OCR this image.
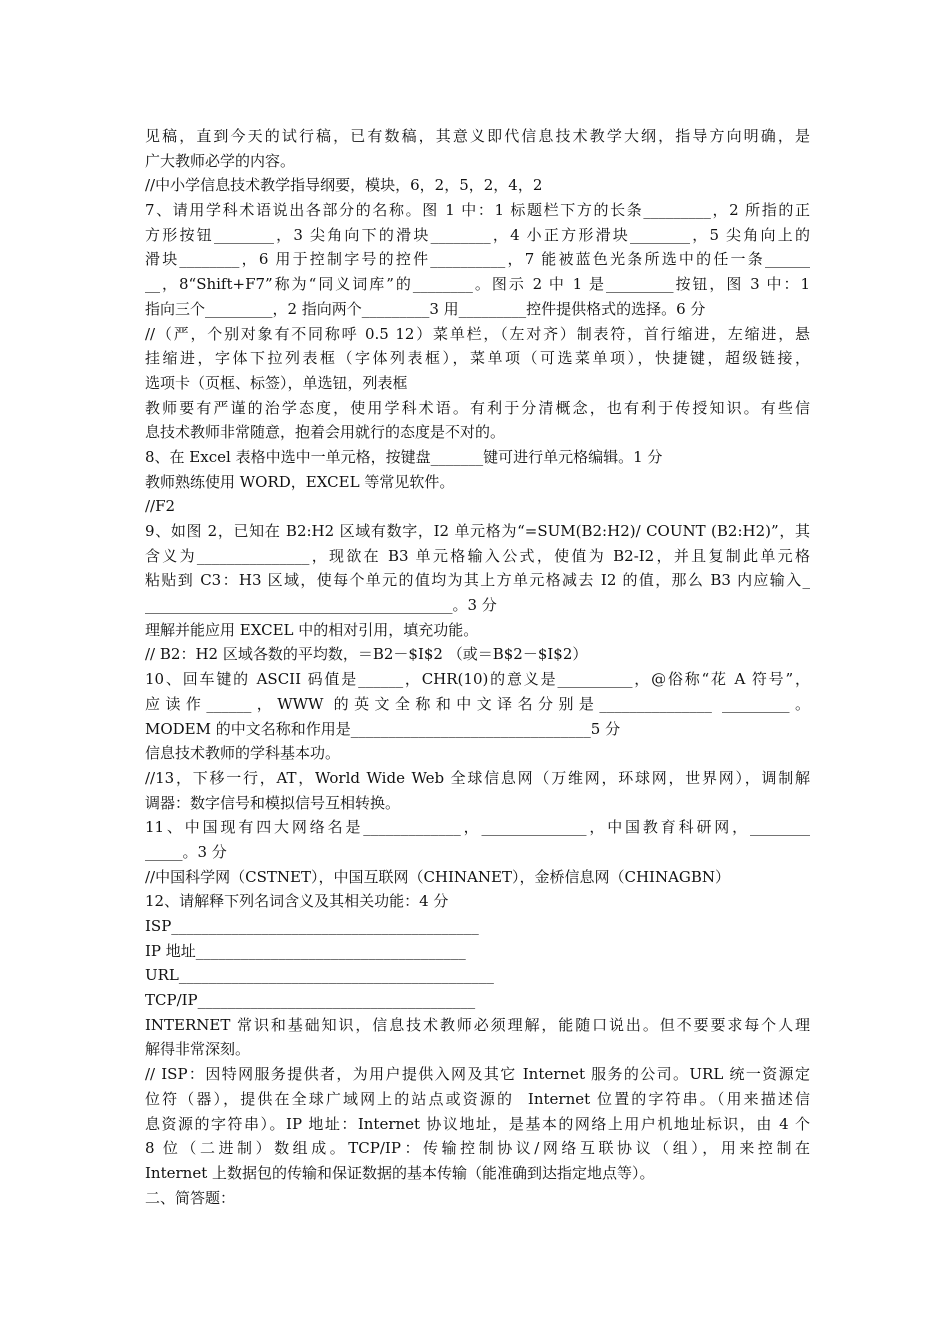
见稿，直到今天的试行稿，已有数稿，其意义即代信息技术教学大纲，指导方向明确，是
广大教师必学的内容。
//中小学信息技术教学指导纲要，模块，6，2，5，2，4，2
7、请用学科术语说出各部分的名称。图 1 中：1 标题栏下方的长条_________，2 所指的正
方形按钮________，3 尖角向下的滑块________，4 小正方形滑块________，5 尖角向上的
滑块________，6 用于控制字号的控件__________，7 能被蓝色光条所选中的任一条______
__，8“Shift+F7”称为“同义词库”的________。图示 2 中 1 是_________按钮，图 3 中：1
指向三个_________，2 指向两个_________3 用_________控件提供格式的选择。6 分
//（严，个别对象有不同称呼 0.5 12）菜单栏，（左对齐）制表符，首行缩进，左缩进，悬
挂缩进，字体下拉列表框（字体列表框），菜单项（可选菜单项），快捷键，超级链接，
选项卡（页框、标签），单选钮，列表框
教师要有严谨的治学态度，使用学科术语。有利于分清概念，也有利于传授知识。有些信
息技术教师非常随意，抱着会用就行的态度是不对的。
8、在 Excel 表格中选中一单元格，按键盘_______键可进行单元格编辑。1 分
教师熟练使用 WORD，EXCEL 等常见软件。
//F2
9、如图 2，已知在 B2:H2 区域有数字，I2 单元格为“=SUM(B2:H2)/ COUNT (B2:H2)”，其
含义为_______________，现欲在 B3 单元格输入公式，使值为 B2-I2，并且复制此单元格
粘贴到 C3：H3 区域，使每个单元的值均为其上方单元格减去 I2 的值，那么 B3 内应输入_
_________________________________________。3 分
理解并能应用 EXCEL 中的相对引用，填充功能。
// B2：H2 区域各数的平均数，＝B2－$I$2 （或＝B$2－$I$2）
10、回车键的 ASCII 码值是______，CHR(10)的意义是__________，@俗称“花 A 符号”，
应读作______，WWW 的英文全称和中文译名分别是_______________ _________。
MODEM 的中文名称和作用是________________________________5 分
信息技术教师的学科基本功。
//13，下移一行，AT，World Wide Web 全球信息网（万维网，环球网，世界网），调制解
调器：数字信号和模拟信号互相转换。
11、中国现有四大网络名是_____________，______________，中国教育科研网，________
_____。3 分
//中国科学网（CSTNET），中国互联网（CHINANET），金桥信息网（CHINAGBN）
12、请解释下列名词含义及其相关功能：4 分
ISP_________________________________________
IP 地址____________________________________
URL__________________________________________
TCP/IP_____________________________________
INTERNET 常识和基础知识，信息技术教师必须理解，能随口说出。但不要要求每个人理
解得非常深刻。
// ISP：因特网服务提供者，为用户提供入网及其它 Internet 服务的公司。URL 统一资源定
位符（器），提供在全球广域网上的站点或资源的  Internet 位置的字符串。（用来描述信
息资源的字符串）。IP 地址：Internet 协议地址，是基本的网络上用户机地址标识，由 4 个
8 位（二进制）数组成。TCP/IP：传输控制协议/网络互联协议（组），用来控制在
Internet 上数据包的传输和保证数据的基本传输（能准确到达指定地点等）。
二、简答题：
